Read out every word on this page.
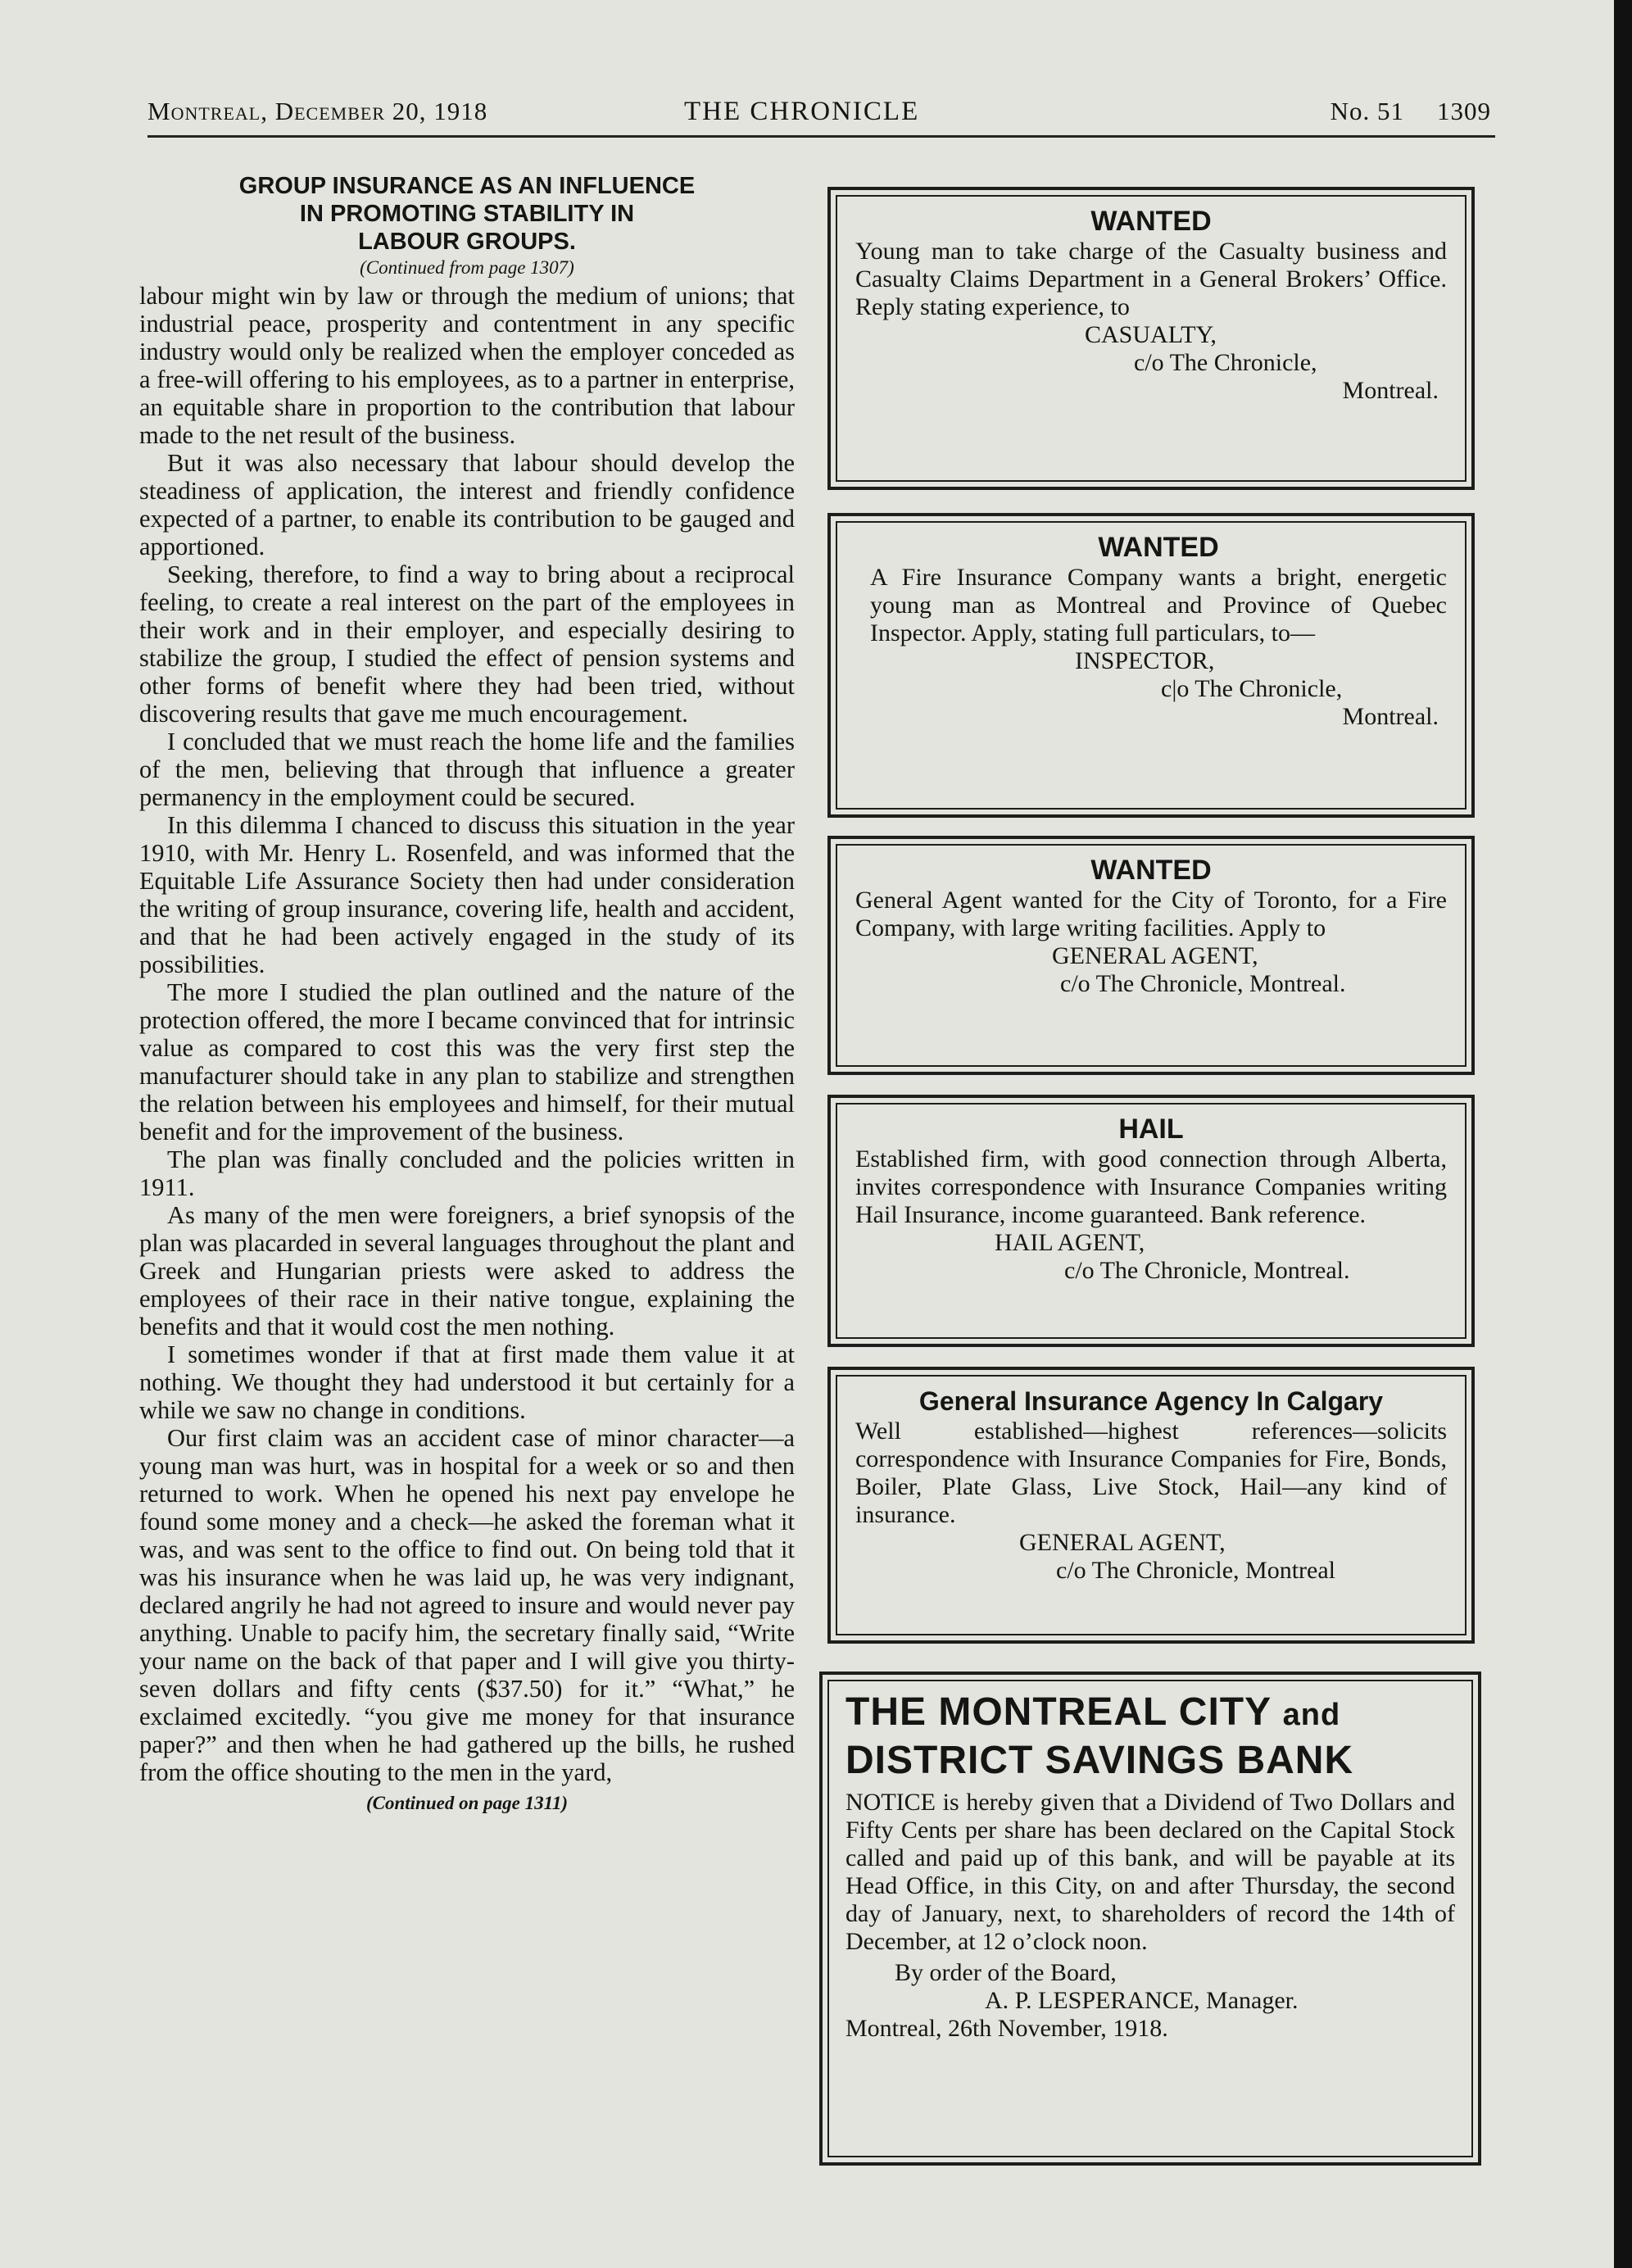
Montreal, December 20, 1918	THE CHRONICLE	No. 51 1309
GROUP INSURANCE AS AN INFLUENCE
IN PROMOTING STABILITY IN
LABOUR GROUPS.
(Continued from page 1307)

labour might win by law or through the medium of unions; that industrial peace, prosperity and contentment in any specific industry would only be realized when the employer conceded as a free-will offering to his employees, as to a partner in enterprise, an equitable share in proportion to the contribution that labour made to the net result of the business.

But it was also necessary that labour should develop the steadiness of application, the interest and friendly confidence expected of a partner, to enable its contribution to be gauged and apportioned.

Seeking, therefore, to find a way to bring about a reciprocal feeling, to create a real interest on the part of the employees in their work and in their employer, and especially desiring to stabilize the group, I studied the effect of pension systems and other forms of benefit where they had been tried, without discovering results that gave me much encouragement.

I concluded that we must reach the home life and the families of the men, believing that through that influence a greater permanency in the employment could be secured.

In this dilemma I chanced to discuss this situation in the year 1910, with Mr. Henry L. Rosenfeld, and was informed that the Equitable Life Assurance Society then had under consideration the writing of group insurance, covering life, health and accident, and that he had been actively engaged in the study of its possibilities.

The more I studied the plan outlined and the nature of the protection offered, the more I became convinced that for intrinsic value as compared to cost this was the very first step the manufacturer should take in any plan to stabilize and strengthen the relation between his employees and himself, for their mutual benefit and for the improvement of the business.

The plan was finally concluded and the policies written in 1911.

As many of the men were foreigners, a brief synopsis of the plan was placarded in several languages throughout the plant and Greek and Hungarian priests were asked to address the employees of their race in their native tongue, explaining the benefits and that it would cost the men nothing.

I sometimes wonder if that at first made them value it at nothing. We thought they had understood it but certainly for a while we saw no change in conditions.

Our first claim was an accident case of minor character—a young man was hurt, was in hospital for a week or so and then returned to work. When he opened his next pay envelope he found some money and a check—he asked the foreman what it was, and was sent to the office to find out. On being told that it was his insurance when he was laid up, he was very indignant, declared angrily he had not agreed to insure and would never pay anything. Unable to pacify him, the secretary finally said, “Write your name on the back of that paper and I will give you thirty-seven dollars and fifty cents ($37.50) for it.” “What,” he exclaimed excitedly. “you give me money for that insurance paper?” and then when he had gathered up the bills, he rushed from the office shouting to the men in the yard,

(Continued on page 1311)
WANTED
Young man to take charge of the Casualty business and Casualty Claims Department in a General Brokers’ Office. Reply stating experience, to
CASUALTY,
c/o The Chronicle,
Montreal.
WANTED
A Fire Insurance Company wants a bright, energetic young man as Montreal and Province of Quebec Inspector. Apply, stating full particulars, to—
INSPECTOR,
c|o The Chronicle,
Montreal.
WANTED
General Agent wanted for the City of Toronto, for a Fire Company, with large writing facilities. Apply to
GENERAL AGENT,
c/o The Chronicle, Montreal.
HAIL
Established firm, with good connection through Alberta, invites correspondence with Insurance Companies writing Hail Insurance, income guaranteed. Bank reference.
HAIL AGENT,
c/o The Chronicle, Montreal.
General Insurance Agency In Calgary
Well established—highest references—solicits correspondence with Insurance Companies for Fire, Bonds, Boiler, Plate Glass, Live Stock, Hail—any kind of insurance.
GENERAL AGENT,
c/o The Chronicle, Montreal
THE MONTREAL CITY and
DISTRICT SAVINGS BANK
NOTICE is hereby given that a Dividend of Two Dollars and Fifty Cents per share has been declared on the Capital Stock called and paid up of this bank, and will be payable at its Head Office, in this City, on and after Thursday, the second day of January, next, to shareholders of record the 14th of December, at 12 o’clock noon.
By order of the Board,
A. P. LESPERANCE, Manager.
Montreal, 26th November, 1918.
